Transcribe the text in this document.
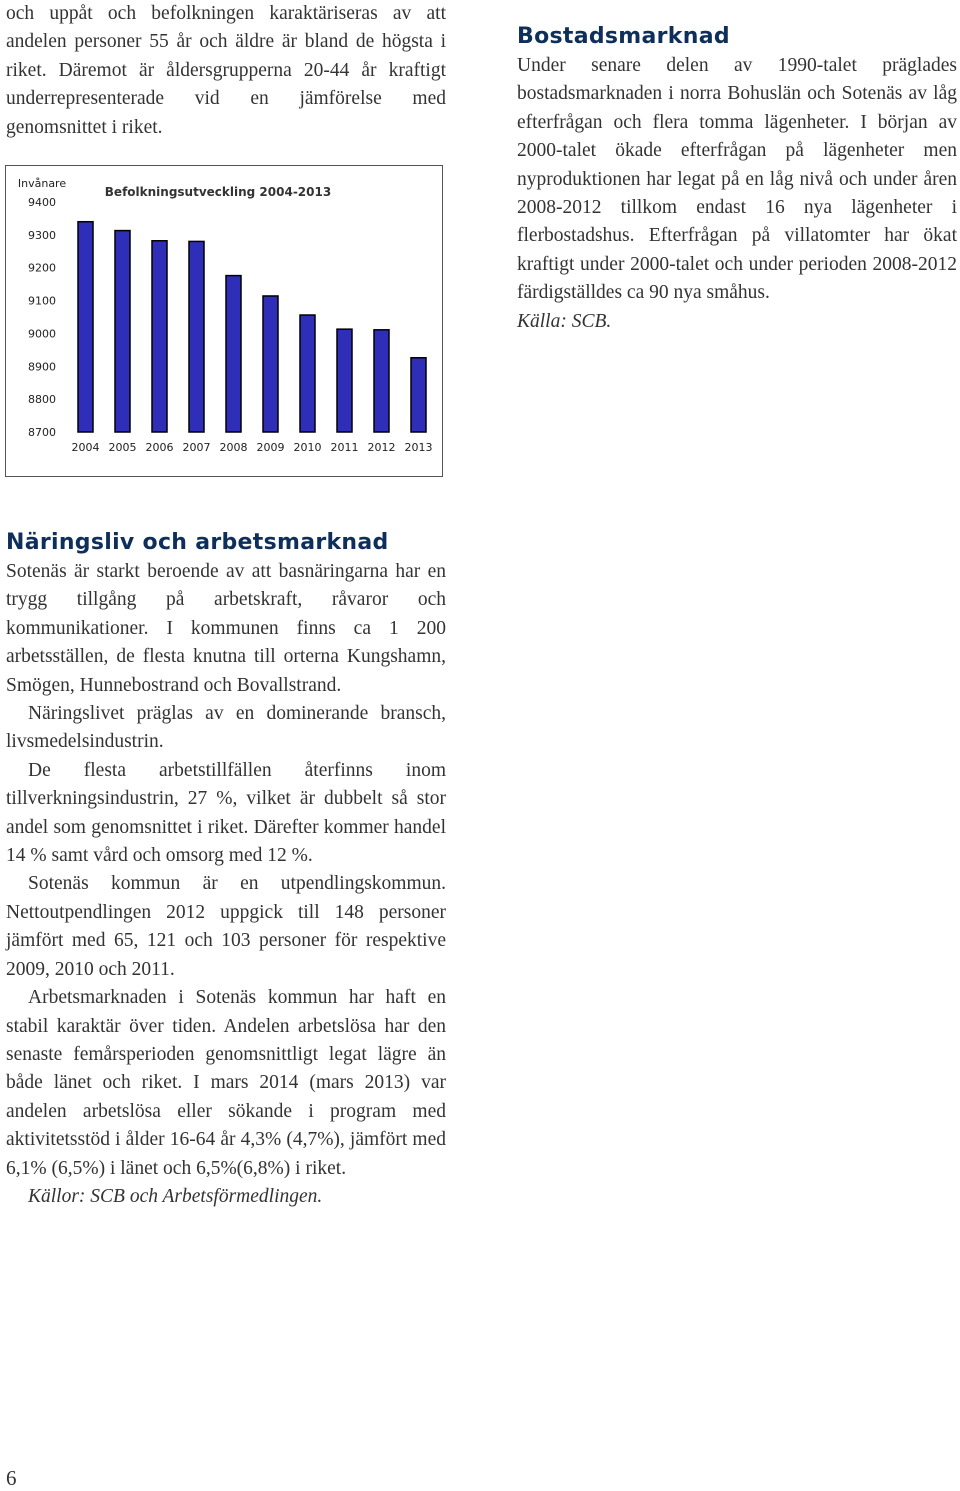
och uppåt och befolkningen karaktäriseras av att andelen personer 55 år och äldre är bland de högsta i riket. Däremot är åldersgrupperna 20-44 år kraftigt underrepresenterade vid en jämförelse med genomsnittet i riket.

Invånare
Befolkningsutveckling 2004-2013
9400
9300
9200
9100
9000
8900
8800
8700
2004 2005 2006 2007 2008 2009 2010 2011 2012 2013
Bostadsmarknad

Under senare delen av 1990-talet präglades bostadsmarknaden i norra Bohuslän och Sotenäs av låg efterfrågan och flera tomma lägenheter. I början av 2000-talet ökade efterfrågan på lägenheter men nyproduktionen har legat på en låg nivå och under åren 2008-2012 tillkom endast 16 nya lägenheter i flerbostadshus. Efterfrågan på villatomter har ökat kraftigt under 2000-talet och under perioden 2008-2012 färdigställdes ca 90 nya småhus.

Källa: SCB.

Näringsliv och arbetsmarknad

Sotenäs är starkt beroende av att basnäringarna har en trygg tillgång på arbetskraft, råvaror och kommunikationer. I kommunen finns ca 1 200 arbetsställen, de flesta knutna till orterna Kungshamn, Smögen, Hunnebostrand och Bovallstrand.

Näringslivet präglas av en dominerande bransch, livsmedelsindustrin.

De flesta arbetstillfällen återfinns inom tillverkningsindustrin, 27 %, vilket är dubbelt så stor andel som genomsnittet i riket. Därefter kommer handel 14 % samt vård och omsorg med 12 %.

Sotenäs kommun är en utpendlingskommun. Nettoutpendlingen 2012 uppgick till 148 personer jämfört med 65, 121 och 103 personer för respektive 2009, 2010 och 2011.

Arbetsmarknaden i Sotenäs kommun har haft en stabil karaktär över tiden. Andelen arbetslösa har den senaste femårsperioden genomsnittligt legat lägre än både länet och riket. I mars 2014 (mars 2013) var andelen arbetslösa eller sökande i program med aktivitetsstöd i ålder 16-64 år 4,3% (4,7%), jämfört med 6,1% (6,5%) i länet och 6,5%(6,8%) i riket.

Källor: SCB och Arbetsförmedlingen.

6
